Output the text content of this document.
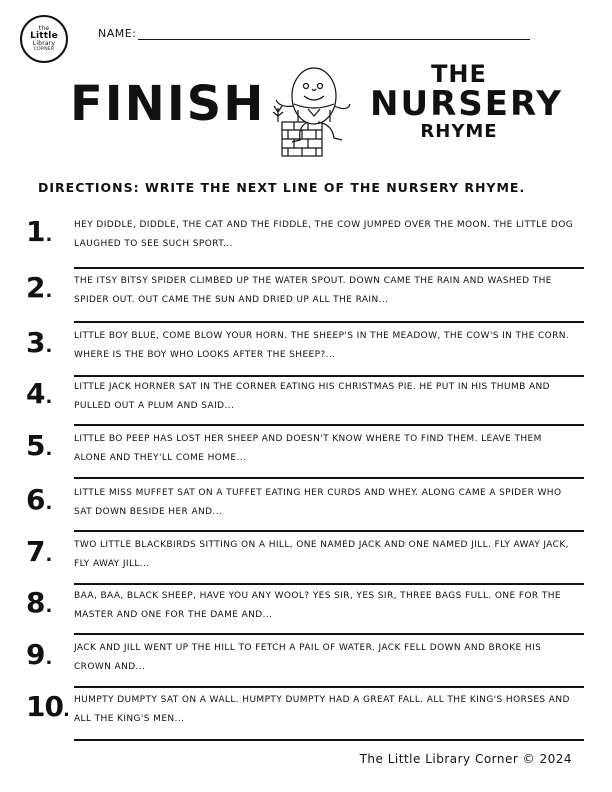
the
Little
Library
CORNER
NAME:
FINISH
THE
NURSERY
RHYME
DIRECTIONS: WRITE THE NEXT LINE OF THE NURSERY RHYME.
1. HEY DIDDLE, DIDDLE, THE CAT AND THE FIDDLE, THE COW JUMPED OVER THE MOON. THE LITTLE DOG LAUGHED TO SEE SUCH SPORT...
2. THE ITSY BITSY SPIDER CLIMBED UP THE WATER SPOUT. DOWN CAME THE RAIN AND WASHED THE SPIDER OUT. OUT CAME THE SUN AND DRIED UP ALL THE RAIN...
3. LITTLE BOY BLUE, COME BLOW YOUR HORN. THE SHEEP'S IN THE MEADOW, THE COW'S IN THE CORN. WHERE IS THE BOY WHO LOOKS AFTER THE SHEEP?...
4. LITTLE JACK HORNER SAT IN THE CORNER EATING HIS CHRISTMAS PIE. HE PUT IN HIS THUMB AND PULLED OUT A PLUM AND SAID...
5. LITTLE BO PEEP HAS LOST HER SHEEP AND DOESN'T KNOW WHERE TO FIND THEM. LEAVE THEM ALONE AND THEY'LL COME HOME...
6. LITTLE MISS MUFFET SAT ON A TUFFET EATING HER CURDS AND WHEY. ALONG CAME A SPIDER WHO SAT DOWN BESIDE HER AND...
7. TWO LITTLE BLACKBIRDS SITTING ON A HILL, ONE NAMED JACK AND ONE NAMED JILL. FLY AWAY JACK, FLY AWAY JILL...
8. BAA, BAA, BLACK SHEEP, HAVE YOU ANY WOOL? YES SIR, YES SIR, THREE BAGS FULL. ONE FOR THE MASTER AND ONE FOR THE DAME AND...
9. JACK AND JILL WENT UP THE HILL TO FETCH A PAIL OF WATER. JACK FELL DOWN AND BROKE HIS CROWN AND...
10. HUMPTY DUMPTY SAT ON A WALL. HUMPTY DUMPTY HAD A GREAT FALL. ALL THE KING'S HORSES AND ALL THE KING'S MEN...
The Little Library Corner © 2024
